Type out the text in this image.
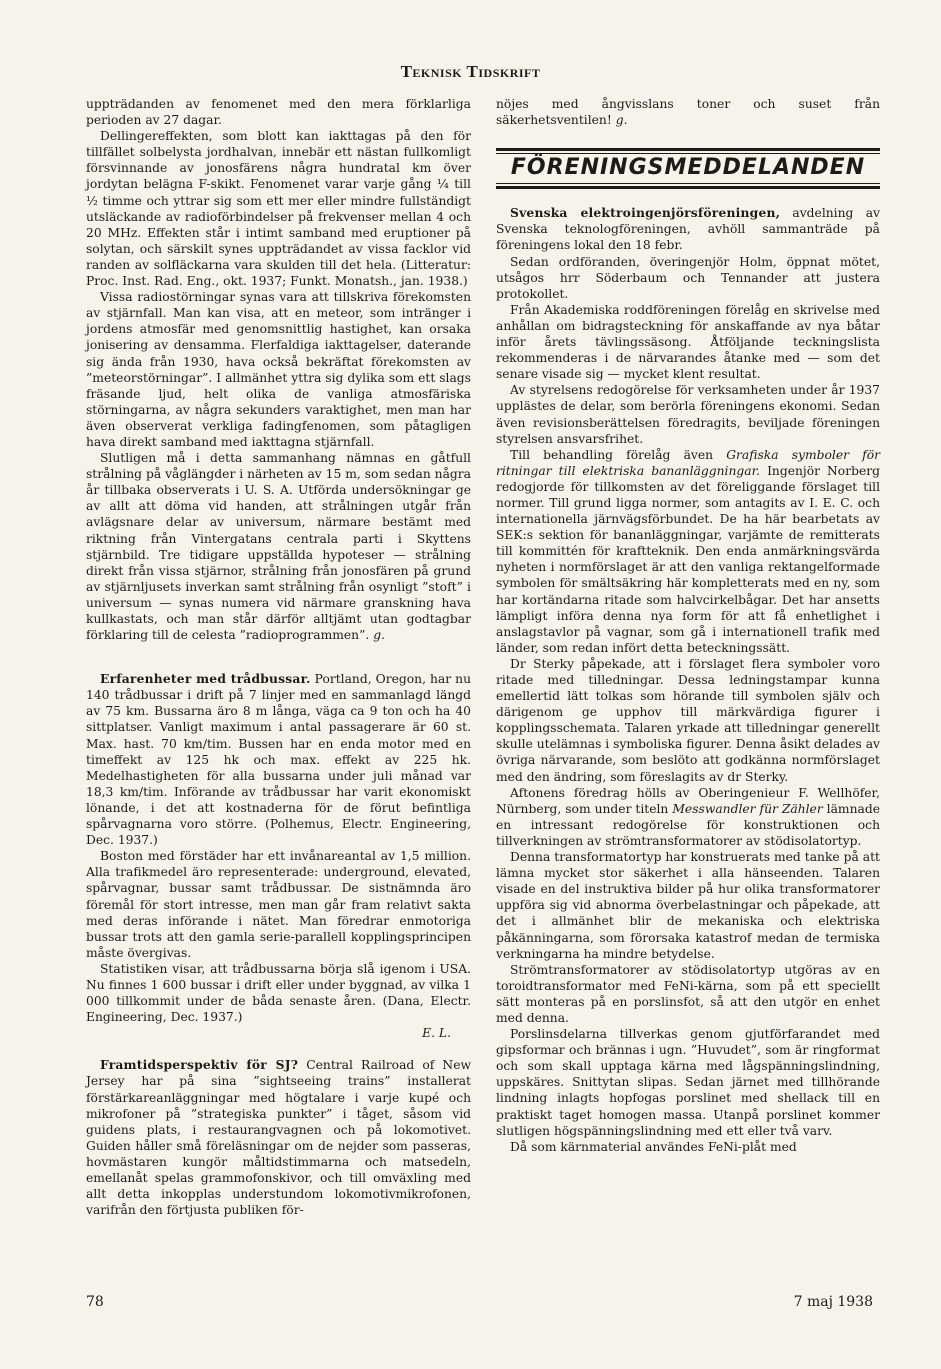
Teknisk Tidskrift

uppträdanden av fenomenet med den mera förklarliga perioden av 27 dagar.

Dellingereffekten, som blott kan iakttagas på den för tillfället solbelysta jordhalvan, innebär ett nästan fullkomligt försvinnande av jonosfärens några hundratal km över jordytan belägna F-skikt. Fenomenet varar varje gång ¼ till ½ timme och yttrar sig som ett mer eller mindre fullständigt utsläckande av radioförbindelser på frekvenser mellan 4 och 20 MHz. Effekten står i intimt samband med eruptioner på solytan, och särskilt synes uppträdandet av vissa facklor vid randen av solfläckarna vara skulden till det hela. (Litteratur: Proc. Inst. Rad. Eng., okt. 1937; Funkt. Monatsh., jan. 1938.)

Vissa radiostörningar synas vara att tillskriva förekomsten av stjärnfall. Man kan visa, att en meteor, som intränger i jordens atmosfär med genomsnittlig hastighet, kan orsaka jonisering av densamma. Flerfaldiga iakttagelser, daterande sig ända från 1930, hava också bekräftat förekomsten av ”meteorstörningar”. I allmänhet yttra sig dylika som ett slags fräsande ljud, helt olika de vanliga atmosfäriska störningarna, av några sekunders varaktighet, men man har även observerat verkliga fadingfenomen, som påtagligen hava direkt samband med iakttagna stjärnfall.

Slutligen må i detta sammanhang nämnas en gåtfull strålning på våglängder i närheten av 15 m, som sedan några år tillbaka observerats i U. S. A. Utförda undersökningar ge av allt att döma vid handen, att strålningen utgår från avlägsnare delar av universum, närmare bestämt med riktning från Vintergatans centrala parti i Skyttens stjärnbild. Tre tidigare uppställda hypoteser — strålning direkt från vissa stjärnor, strålning från jonosfären på grund av stjärnljusets inverkan samt strålning från osynligt ”stoft” i universum — synas numera vid närmare granskning hava kullkastats, och man står därför alltjämt utan godtagbar förklaring till de celesta ”radioprogrammen”. g.

Erfarenheter med trådbussar. Portland, Oregon, har nu 140 trådbussar i drift på 7 linjer med en sammanlagd längd av 75 km. Bussarna äro 8 m långa, väga ca 9 ton och ha 40 sittplatser. Vanligt maximum i antal passagerare är 60 st. Max. hast. 70 km/tim. Bussen har en enda motor med en timeffekt av 125 hk och max. effekt av 225 hk. Medelhastigheten för alla bussarna under juli månad var 18,3 km/tim. Införande av trådbussar har varit ekonomiskt lönande, i det att kostnaderna för de förut befintliga spårvagnarna voro större. (Polhemus, Electr. Engineering, Dec. 1937.)

Boston med förstäder har ett invånareantal av 1,5 million. Alla trafikmedel äro representerade: underground, elevated, spårvagnar, bussar samt trådbussar. De sistnämnda äro föremål för stort intresse, men man går fram relativt sakta med deras införande i nätet. Man föredrar enmotoriga bussar trots att den gamla serie-parallell kopplingsprincipen måste övergivas.

Statistiken visar, att trådbussarna börja slå igenom i USA. Nu finnes 1 600 bussar i drift eller under byggnad, av vilka 1 000 tillkommit under de båda senaste åren. (Dana, Electr. Engineering, Dec. 1937.)

E. L.

Framtidsperspektiv för SJ? Central Railroad of New Jersey har på sina ”sightseeing trains” installerat förstärkareanläggningar med högtalare i varje kupé och mikrofoner på ”strategiska punkter” i tåget, såsom vid guidens plats, i restaurangvagnen och på lokomotivet. Guiden håller små föreläsningar om de nejder som passeras, hovmästaren kungör måltidstimmarna och matsedeln, emellanåt spelas grammofonskivor, och till omväxling med allt detta inkopplas understundom lokomotivmikrofonen, varifrån den förtjusta publiken för-

nöjes med ångvisslans toner och suset från säkerhetsventilen! g.

FÖRENINGSMEDDELANDEN

Svenska elektroingenjörsföreningen, avdelning av Svenska teknologföreningen, avhöll sammanträde på föreningens lokal den 18 febr.

Sedan ordföranden, överingenjör Holm, öppnat mötet, utsågos hrr Söderbaum och Tennander att justera protokollet.

Från Akademiska roddföreningen förelåg en skrivelse med anhållan om bidragsteckning för anskaffande av nya båtar inför årets tävlingssäsong. Åtföljande teckningslista rekommenderas i de närvarandes åtanke med — som det senare visade sig — mycket klent resultat.

Av styrelsens redogörelse för verksamheten under år 1937 upplästes de delar, som berörla föreningens ekonomi. Sedan även revisionsberättelsen föredragits, beviljade föreningen styrelsen ansvarsfrihet.

Till behandling förelåg även Grafiska symboler för ritningar till elektriska bananläggningar. Ingenjör Norberg redogjorde för tillkomsten av det föreliggande förslaget till normer. Till grund ligga normer, som antagits av I. E. C. och internationella järnvägsförbundet. De ha här bearbetats av SEK:s sektion för bananläggningar, varjämte de remitterats till kommittén för kraftteknik. Den enda anmärkningsvärda nyheten i normförslaget är att den vanliga rektangelformade symbolen för smältsäkring här kompletterats med en ny, som har kortändarna ritade som halvcirkelbågar. Det har ansetts lämpligt införa denna nya form för att få enhetlighet i anslagstavlor på vagnar, som gå i internationell trafik med länder, som redan infört detta beteckningssätt.

Dr Sterky påpekade, att i förslaget flera symboler voro ritade med tilledningar. Dessa ledningstampar kunna emellertid lätt tolkas som hörande till symbolen själv och därigenom ge upphov till märkvärdiga figurer i kopplingsschemata. Talaren yrkade att tilledningar generellt skulle utelämnas i symboliska figurer. Denna åsikt delades av övriga närvarande, som beslöto att godkänna normförslaget med den ändring, som föreslagits av dr Sterky.

Aftonens föredrag hölls av Oberingenieur F. Wellhöfer, Nürnberg, som under titeln Messwandler für Zähler lämnade en intressant redogörelse för konstruktionen och tillverkningen av strömtransformatorer av stödisolatortyp.

Denna transformatortyp har konstruerats med tanke på att lämna mycket stor säkerhet i alla hänseenden. Talaren visade en del instruktiva bilder på hur olika transformatorer uppföra sig vid abnorma överbelastningar och påpekade, att det i allmänhet blir de mekaniska och elektriska påkänningarna, som förorsaka katastrof medan de termiska verkningarna ha mindre betydelse.

Strömtransformatorer av stödisolatortyp utgöras av en toroidtransformator med FeNi-kärna, som på ett speciellt sätt monteras på en porslinsfot, så att den utgör en enhet med denna.

Porslinsdelarna tillverkas genom gjutförfarandet med gipsformar och brännas i ugn. ”Huvudet”, som är ringformat och som skall upptaga kärna med lågspänningslindning, uppskäres. Snittytan slipas. Sedan järnet med tillhörande lindning inlagts hopfogas porslinet med shellack till en praktiskt taget homogen massa. Utanpå porslinet kommer slutligen högspänningslindning med ett eller två varv.

Då som kärnmaterial användes FeNi-plåt med

78	7 maj 1938
